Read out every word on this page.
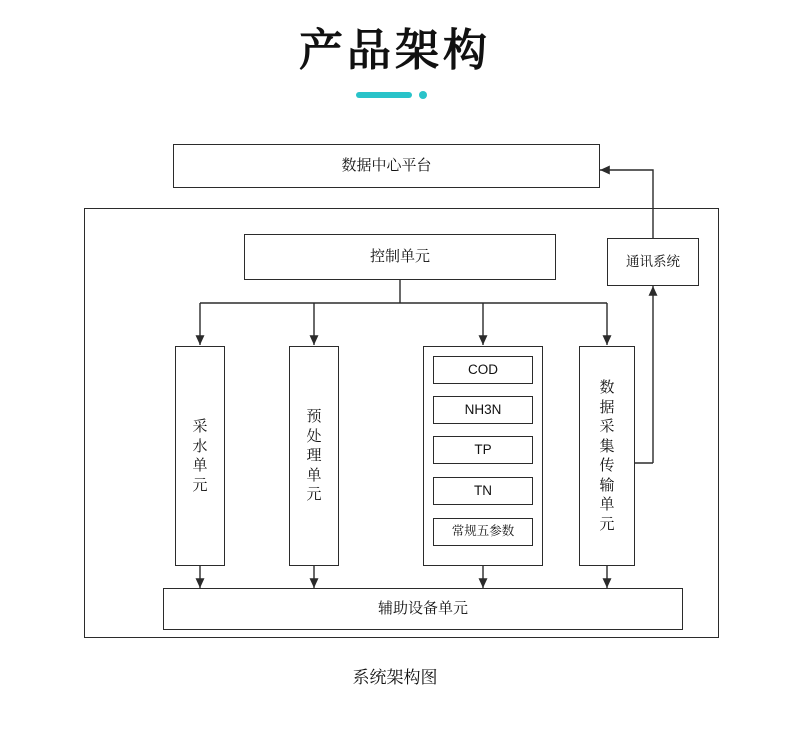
产品架构
数据中心平台
控制单元	通讯系统
采水单元
预处理单元
COD
NH3N
TP
TN
常规五参数
数据采集传输单元
辅助设备单元
系统架构图
